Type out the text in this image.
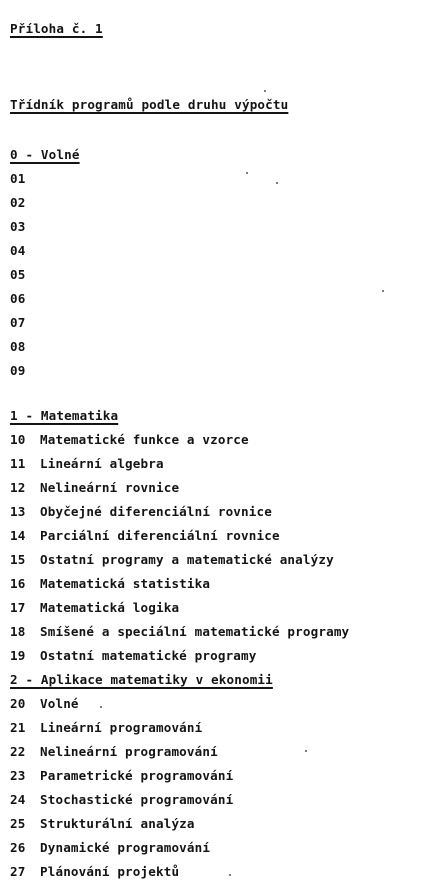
Příloha č. 1
Třídník programů podle druhu výpočtu
0 - Volné
01
02
03
04
05
06
07
08
09
1 - Matematika
10 Matematické funkce a vzorce
11 Lineární algebra
12 Nelineární rovnice
13 Obyčejné diferenciální rovnice
14 Parciální diferenciální rovnice
15 Ostatní programy a matematické analýzy
16 Matematická statistika
17 Matematická logika
18 Smíšené a speciální matematické programy
19 Ostatní matematické programy
2 - Aplikace matematiky v ekonomii
20 Volné
21 Lineární programování
22 Nelineární programování
23 Parametrické programování
24 Stochastické programování
25 Strukturální analýza
26 Dynamické programování
27 Plánování projektů
